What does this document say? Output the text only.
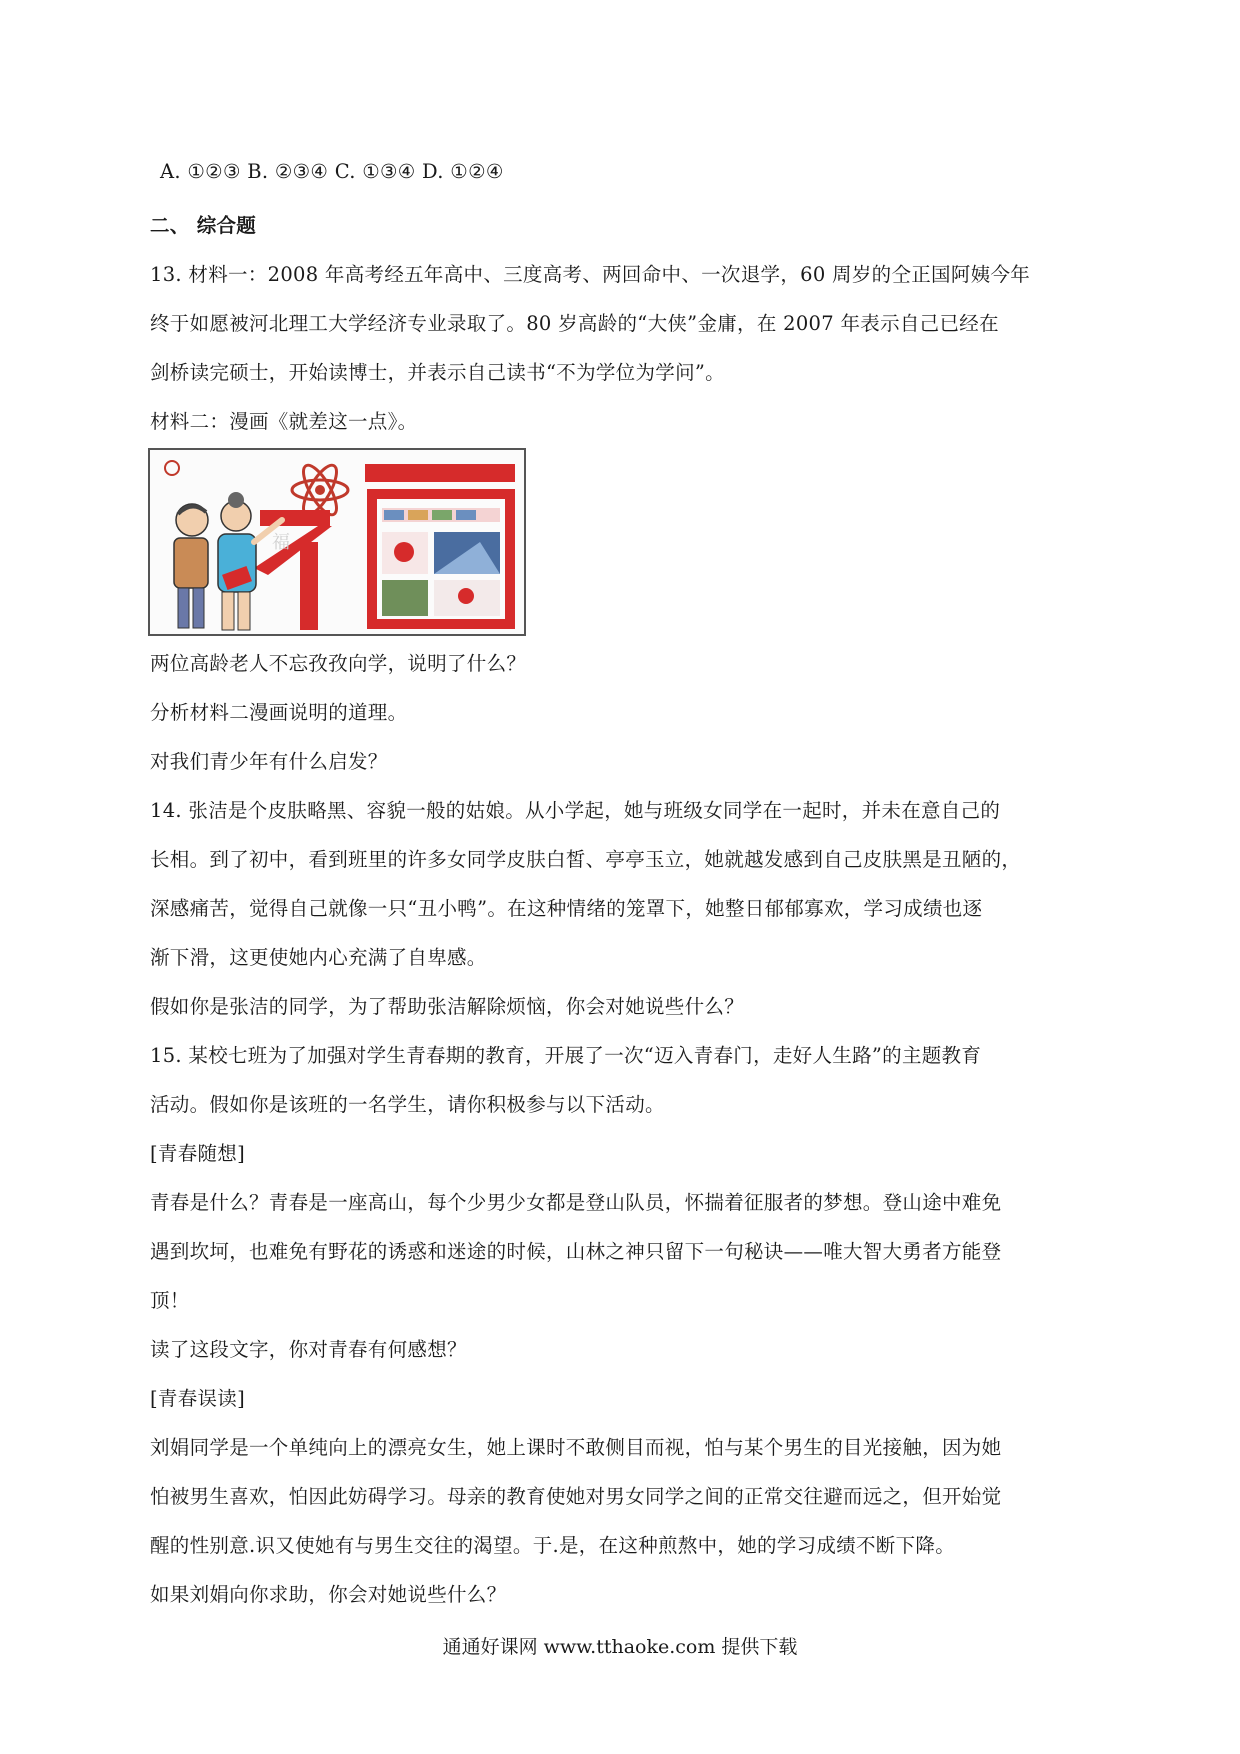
A. ①②③ B. ②③④ C. ①③④ D. ①②④
二、 综合题
13. 材料一：2008 年高考经五年高中、三度高考、两回命中、一次退学，60 周岁的仝正国阿姨今年
终于如愿被河北理工大学经济专业录取了。80 岁高龄的“大侠”金庸，在 2007 年表示自己已经在
剑桥读完硕士，开始读博士，并表示自己读书“不为学位为学问”。
材料二：漫画《就差这一点》。
福
两位高龄老人不忘孜孜向学，说明了什么？
分析材料二漫画说明的道理。
对我们青少年有什么启发？
14. 张洁是个皮肤略黑、容貌一般的姑娘。从小学起，她与班级女同学在一起时，并未在意自己的
长相。到了初中，看到班里的许多女同学皮肤白皙、亭亭玉立，她就越发感到自己皮肤黑是丑陋的，
深感痛苦，觉得自己就像一只“丑小鸭”。在这种情绪的笼罩下，她整日郁郁寡欢，学习成绩也逐
渐下滑，这更使她内心充满了自卑感。
假如你是张洁的同学，为了帮助张洁解除烦恼，你会对她说些什么？
15. 某校七班为了加强对学生青春期的教育，开展了一次“迈入青春门，走好人生路”的主题教育
活动。假如你是该班的一名学生，请你积极参与以下活动。
[青春随想]
青春是什么？青春是一座高山，每个少男少女都是登山队员，怀揣着征服者的梦想。登山途中难免
遇到坎坷，也难免有野花的诱惑和迷途的时候，山林之神只留下一句秘诀——唯大智大勇者方能登
顶！
读了这段文字，你对青春有何感想？
[青春误读]
刘娟同学是一个单纯向上的漂亮女生，她上课时不敢侧目而视，怕与某个男生的目光接触，因为她
怕被男生喜欢，怕因此妨碍学习。母亲的教育使她对男女同学之间的正常交往避而远之，但开始觉
醒的性别意.识又使她有与男生交往的渴望。于.是，在这种煎熬中，她的学习成绩不断下降。
如果刘娟向你求助，你会对她说些什么？
通通好课网 www.tthaoke.com 提供下载
